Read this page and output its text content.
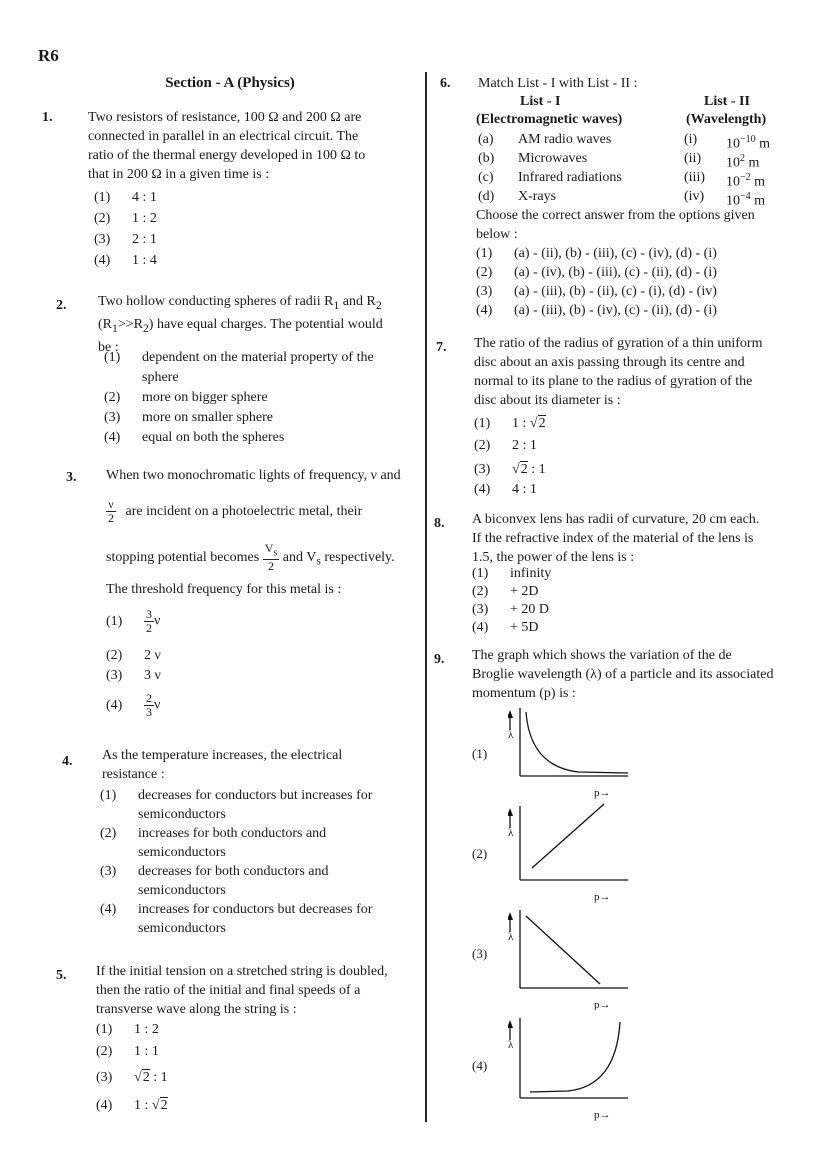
R6
Section - A (Physics)
1.	Two resistors of resistance, 100 Ω and 200 Ω are
connected in parallel in an electrical circuit. The
ratio of the thermal energy developed in 100 Ω to
that in 200 Ω in a given time is :
(1) 4 : 1
(2) 1 : 2
(3) 2 : 1
(4) 1 : 4
2. Two hollow conducting spheres of radii $R_1$ and $R_2$
$(R_1>>R_2)$ have equal charges. The potential would
be :
(1) dependent on the material property of the
sphere
(2) more on bigger sphere
(3) more on smaller sphere
(4) equal on both the spheres
3. When two monochromatic lights of frequency, ν and
$\frac{\nu}{2}$ are incident on a photoelectric metal, their
stopping potential becomes $\frac{V_s}{2}$ and $V_s$ respectively.
The threshold frequency for this metal is :
$(1) \frac{3}{2}$ ν
(2) 2 ν
(3) 3 ν
$(4) \frac{2}{3}$ ν
4. As the temperature increases, the electrical
resistance :
(1) decreases for conductors but increases for
semiconductors
(2) increases for both conductors and
semiconductors
(3) decreases for both conductors and
semiconductors
(4) increases for conductors but decreases for
semiconductors
5. If the initial tension on a stretched string is doubled,
then the ratio of the initial and final speeds of a
transverse wave along the string is :
(1) 1 : 2
(2) 1 : 1
(3) √2 : 1
(4) 1 : √2
6. Match List - I with List - II :
List - I	List - II
(Electromagnetic waves)	(Wavelength)
(a) AM radio waves	(i) $10^{-10}$ m
(b) Microwaves	(ii) $10^2$ m
(c) Infrared radiations	(iii) $10^{-2}$ m
(d) X-rays	(iv) $10^{-4}$ m
Choose the correct answer from the options given
below :
(1) (a) - (ii), (b) - (iii), (c) - (iv), (d) - (i)
(2) (a) - (iv), (b) - (iii), (c) - (ii), (d) - (i)
(3) (a) - (iii), (b) - (ii), (c) - (i), (d) - (iv)
(4) (a) - (iii), (b) - (iv), (c) - (ii), (d) - (i)
7. The ratio of the radius of gyration of a thin uniform
disc about an axis passing through its centre and
normal to its plane to the radius of gyration of the
disc about its diameter is :
(1) 1 : √2
(2) 2 : 1
(3) √2 : 1
(4) 4 : 1
8. A biconvex lens has radii of curvature, 20 cm each.
If the refractive index of the material of the lens is
1.5, the power of the lens is :
(1) infinity
(2) + 2D
(3) + 20 D
(4) + 5D
9. The graph which shows the variation of the de
Broglie wavelength (λ) of a particle and its associated
momentum (p) is :
(1)
(2)
(3)
(4)
λ
p→
λ
p→
λ
p→
λ
p→
